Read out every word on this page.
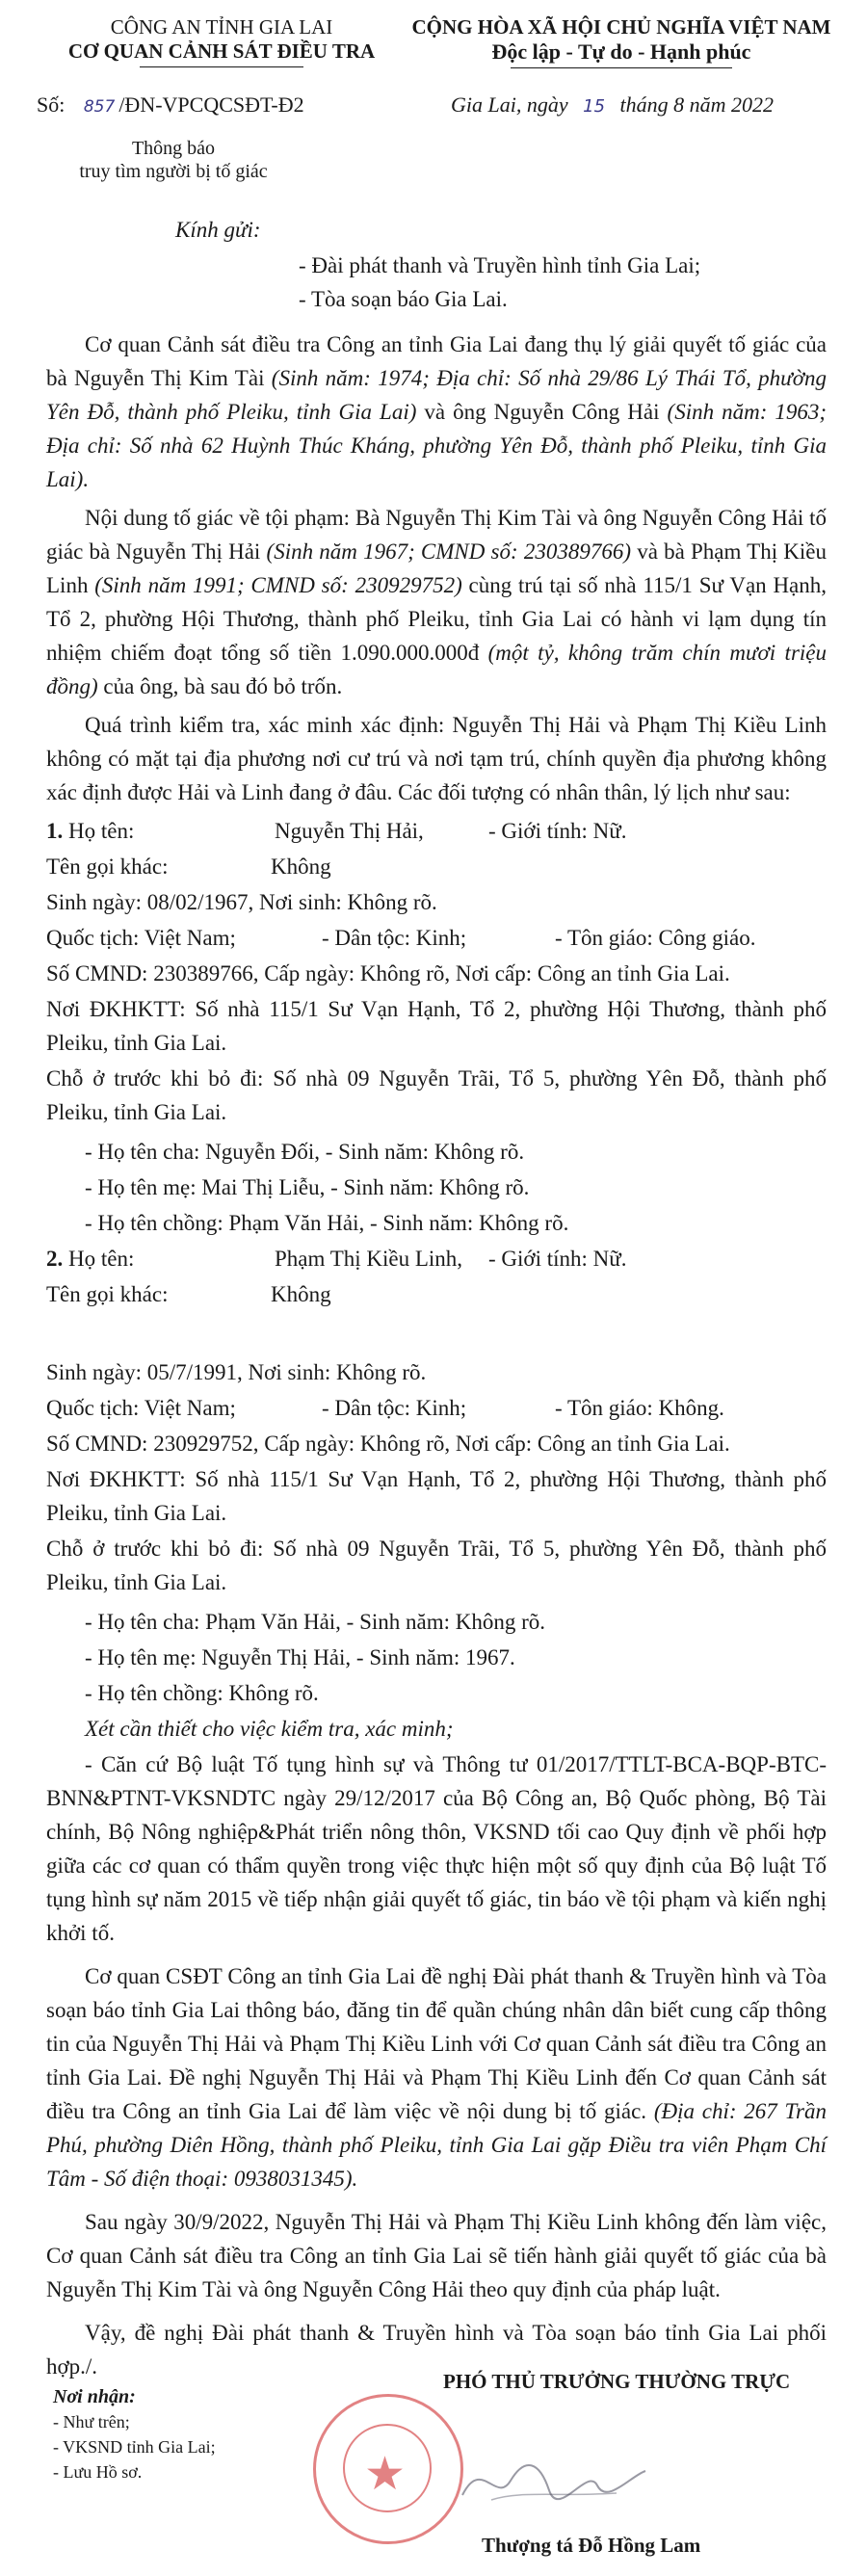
CÔNG AN TỈNH GIA LAI
CƠ QUAN CẢNH SÁT ĐIỀU TRA
CỘNG HÒA XÃ HỘI CHỦ NGHĨA VIỆT NAM
Độc lập - Tự do - Hạnh phúc
Số: 857 /ĐN-VPCQCSĐT-Đ2	Gia Lai, ngày 15 tháng 8 năm 2022
Thông báo
truy tìm người bị tố giác
Kính gửi:
- Đài phát thanh và Truyền hình tỉnh Gia Lai;
- Tòa soạn báo Gia Lai.

Cơ quan Cảnh sát điều tra Công an tỉnh Gia Lai đang thụ lý giải quyết tố giác của bà Nguyễn Thị Kim Tài (Sinh năm: 1974; Địa chỉ: Số nhà 29/86 Lý Thái Tổ, phường Yên Đỗ, thành phố Pleiku, tỉnh Gia Lai) và ông Nguyễn Công Hải (Sinh năm: 1963; Địa chỉ: Số nhà 62 Huỳnh Thúc Kháng, phường Yên Đỗ, thành phố Pleiku, tỉnh Gia Lai).

Nội dung tố giác về tội phạm: Bà Nguyễn Thị Kim Tài và ông Nguyễn Công Hải tố giác bà Nguyễn Thị Hải (Sinh năm 1967; CMND số: 230389766) và bà Phạm Thị Kiều Linh (Sinh năm 1991; CMND số: 230929752) cùng trú tại số nhà 115/1 Sư Vạn Hạnh, Tổ 2, phường Hội Thương, thành phố Pleiku, tỉnh Gia Lai có hành vi lạm dụng tín nhiệm chiếm đoạt tổng số tiền 1.090.000.000đ (một tỷ, không trăm chín mươi triệu đồng) của ông, bà sau đó bỏ trốn.

Quá trình kiểm tra, xác minh xác định: Nguyễn Thị Hải và Phạm Thị Kiều Linh không có mặt tại địa phương nơi cư trú và nơi tạm trú, chính quyền địa phương không xác định được Hải và Linh đang ở đâu. Các đối tượng có nhân thân, lý lịch như sau:

1. Họ tên:	Nguyễn Thị Hải,	- Giới tính: Nữ.
Tên gọi khác:	Không
Sinh ngày: 08/02/1967, Nơi sinh: Không rõ.
Quốc tịch: Việt Nam;	- Dân tộc: Kinh;	- Tôn giáo: Công giáo.
Số CMND: 230389766, Cấp ngày: Không rõ, Nơi cấp: Công an tỉnh Gia Lai.

Nơi ĐKHKTT: Số nhà 115/1 Sư Vạn Hạnh, Tổ 2, phường Hội Thương, thành phố Pleiku, tỉnh Gia Lai.

Chỗ ở trước khi bỏ đi: Số nhà 09 Nguyễn Trãi, Tổ 5, phường Yên Đỗ, thành phố Pleiku, tỉnh Gia Lai.

- Họ tên cha: Nguyễn Đối, - Sinh năm: Không rõ.
- Họ tên mẹ: Mai Thị Liễu, - Sinh năm: Không rõ.
- Họ tên chồng: Phạm Văn Hải, - Sinh năm: Không rõ.
2. Họ tên:	Phạm Thị Kiều Linh, - Giới tính: Nữ.
Tên gọi khác:	Không
Sinh ngày: 05/7/1991, Nơi sinh: Không rõ.
Quốc tịch: Việt Nam;	- Dân tộc: Kinh;	- Tôn giáo: Không.
Số CMND: 230929752, Cấp ngày: Không rõ, Nơi cấp: Công an tỉnh Gia Lai.

Nơi ĐKHKTT: Số nhà 115/1 Sư Vạn Hạnh, Tổ 2, phường Hội Thương, thành phố Pleiku, tỉnh Gia Lai.

Chỗ ở trước khi bỏ đi: Số nhà 09 Nguyễn Trãi, Tổ 5, phường Yên Đỗ, thành phố Pleiku, tỉnh Gia Lai.

- Họ tên cha: Phạm Văn Hải, - Sinh năm: Không rõ.
- Họ tên mẹ: Nguyễn Thị Hải, - Sinh năm: 1967.
- Họ tên chồng: Không rõ.
Xét cần thiết cho việc kiểm tra, xác minh;

- Căn cứ Bộ luật Tố tụng hình sự và Thông tư 01/2017/TTLT-BCA-BQP-BTC-BNN&PTNT-VKSNDTC ngày 29/12/2017 của Bộ Công an, Bộ Quốc phòng, Bộ Tài chính, Bộ Nông nghiệp&Phát triển nông thôn, VKSND tối cao Quy định về phối hợp giữa các cơ quan có thẩm quyền trong việc thực hiện một số quy định của Bộ luật Tố tụng hình sự năm 2015 về tiếp nhận giải quyết tố giác, tin báo về tội phạm và kiến nghị khởi tố.

Cơ quan CSĐT Công an tỉnh Gia Lai đề nghị Đài phát thanh & Truyền hình và Tòa soạn báo tỉnh Gia Lai thông báo, đăng tin để quần chúng nhân dân biết cung cấp thông tin của Nguyễn Thị Hải và Phạm Thị Kiều Linh với Cơ quan Cảnh sát điều tra Công an tỉnh Gia Lai. Đề nghị Nguyễn Thị Hải và Phạm Thị Kiều Linh đến Cơ quan Cảnh sát điều tra Công an tỉnh Gia Lai để làm việc về nội dung bị tố giác. (Địa chỉ: 267 Trần Phú, phường Diên Hồng, thành phố Pleiku, tỉnh Gia Lai gặp Điều tra viên Phạm Chí Tâm - Số điện thoại: 0938031345).

Sau ngày 30/9/2022, Nguyễn Thị Hải và Phạm Thị Kiều Linh không đến làm việc, Cơ quan Cảnh sát điều tra Công an tỉnh Gia Lai sẽ tiến hành giải quyết tố giác của bà Nguyễn Thị Kim Tài và ông Nguyễn Công Hải theo quy định của pháp luật.

Vậy, đề nghị Đài phát thanh & Truyền hình và Tòa soạn báo tỉnh Gia Lai phối hợp./.

Nơi nhận:
- Như trên;
- VKSND tỉnh Gia Lai;
- Lưu Hồ sơ.
PHÓ THỦ TRƯỞNG THƯỜNG TRỰC
★
Thượng tá Đỗ Hồng Lam
